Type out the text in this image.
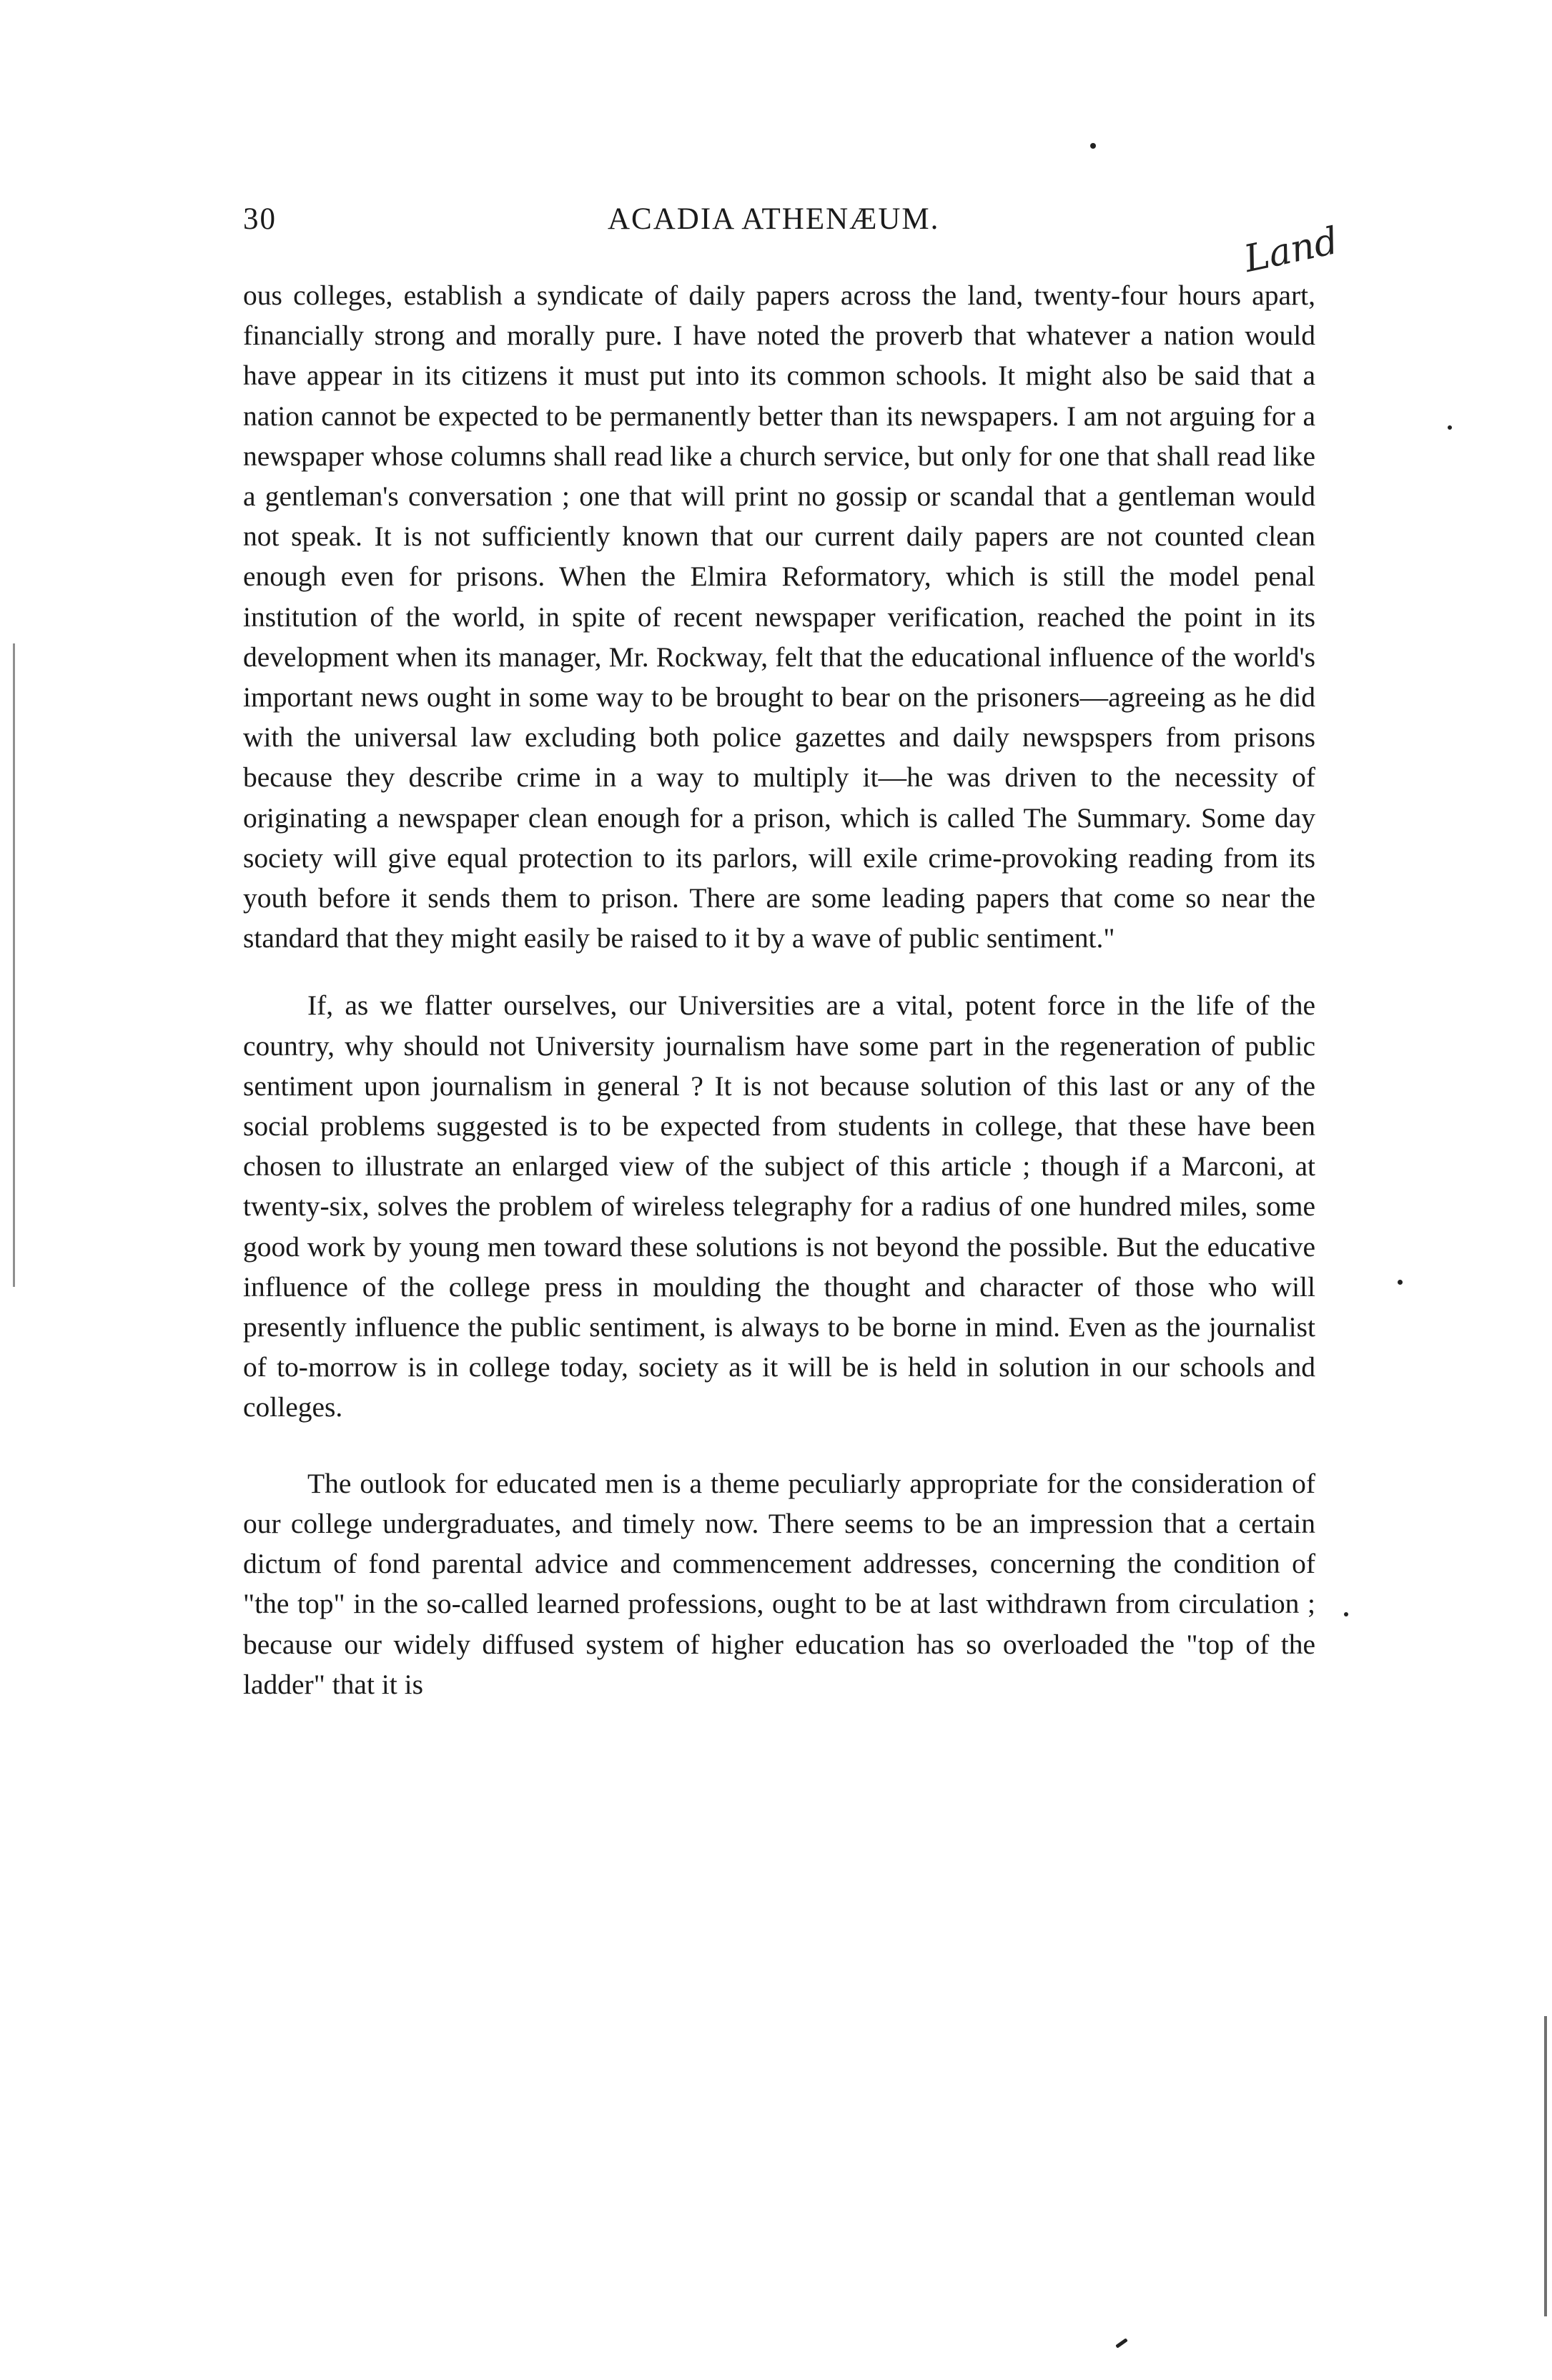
30	ACADIA ATHENÆUM.
Land

ous colleges, establish a syndicate of daily papers across the land, twenty-four hours apart, financially strong and morally pure. I have noted the proverb that whatever a nation would have appear in its citizens it must put into its common schools. It might also be said that a nation cannot be expected to be permanently better than its newspapers. I am not arguing for a newspaper whose columns shall read like a church service, but only for one that shall read like a gentleman's conversation ; one that will print no gossip or scandal that a gentleman would not speak. It is not sufficiently known that our current daily papers are not counted clean enough even for prisons. When the Elmira Reformatory, which is still the model penal institution of the world, in spite of recent newspaper verification, reached the point in its development when its manager, Mr. Rockway, felt that the educational influence of the world's important news ought in some way to be brought to bear on the prisoners—agreeing as he did with the universal law excluding both police gazettes and daily newspspers from prisons because they describe crime in a way to multiply it—he was driven to the necessity of originating a newspaper clean enough for a prison, which is called The Summary. Some day society will give equal protection to its parlors, will exile crime-provoking reading from its youth before it sends them to prison. There are some leading papers that come so near the standard that they might easily be raised to it by a wave of public sentiment."

If, as we flatter ourselves, our Universities are a vital, potent force in the life of the country, why should not University journalism have some part in the regeneration of public sentiment upon journalism in general ? It is not because solution of this last or any of the social problems suggested is to be expected from students in college, that these have been chosen to illustrate an enlarged view of the subject of this article ; though if a Marconi, at twenty-six, solves the problem of wireless telegraphy for a radius of one hundred miles, some good work by young men toward these solutions is not beyond the possible. But the educative influence of the college press in moulding the thought and character of those who will presently influence the public sentiment, is always to be borne in mind. Even as the journalist of to-morrow is in college today, society as it will be is held in solution in our schools and colleges.

The outlook for educated men is a theme peculiarly appropriate for the consideration of our college undergraduates, and timely now. There seems to be an impression that a certain dictum of fond parental advice and commencement addresses, concerning the condition of "the top" in the so-called learned professions, ought to be at last withdrawn from circulation ; because our widely diffused system of higher education has so overloaded the "top of the ladder" that it is
